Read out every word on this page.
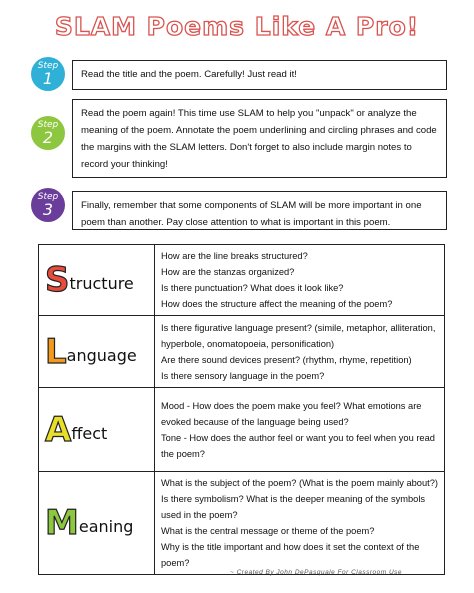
SLAM Poems Like A Pro!
Step
1	Read the title and the poem. Carefully! Just read it!
Step
2
Read the poem again! This time use SLAM to help you "unpack" or analyze the meaning of the poem. Annotate the poem underlining and circling phrases and code the margins with the SLAM letters. Don't forget to also include margin notes to record your thinking!
Step
3	Finally, remember that some components of SLAM will be more important in one poem than another. Pay close attention to what is important in this poem.
Structure	How are the line breaks structured?
How are the stanzas organized?
Is there punctuation? What does it look like?
How does the structure affect the meaning of the poem?

Language	Is there figurative language present? (simile, metaphor, alliteration, hyperbole, onomatopoeia, personification)
Are there sound devices present? (rhythm, rhyme, repetition)
Is there sensory language in the poem?

Affect	Mood - How does the poem make you feel? What emotions are evoked because of the language being used?
Tone - How does the author feel or want you to feel when you read the poem?

Meaning	What is the subject of the poem? (What is the poem mainly about?)
Is there symbolism? What is the deeper meaning of the symbols used in the poem?
What is the central message or theme of the poem?
Why is the title important and how does it set the context of the poem?
~ Created By John DePasquale For Classroom Use
